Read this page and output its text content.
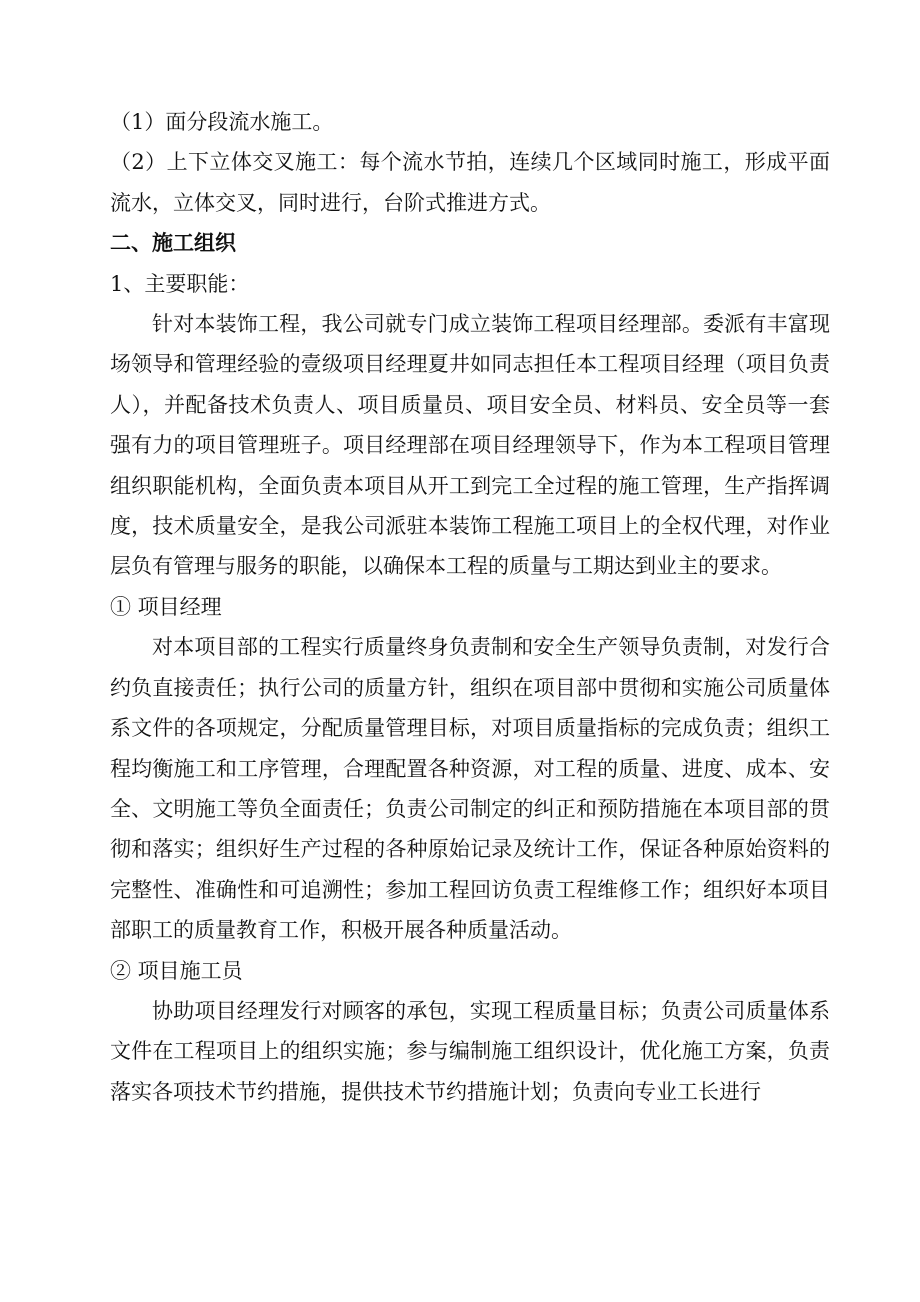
（1）面分段流水施工。

（2）上下立体交叉施工：每个流水节拍，连续几个区域同时施工，形成平面流水，立体交叉，同时进行，台阶式推进方式。

二、施工组织

1、主要职能：

针对本装饰工程，我公司就专门成立装饰工程项目经理部。委派有丰富现场领导和管理经验的壹级项目经理夏井如同志担任本工程项目经理（项目负责人），并配备技术负责人、项目质量员、项目安全员、材料员、安全员等一套强有力的项目管理班子。项目经理部在项目经理领导下，作为本工程项目管理组织职能机构，全面负责本项目从开工到完工全过程的施工管理，生产指挥调度，技术质量安全，是我公司派驻本装饰工程施工项目上的全权代理，对作业层负有管理与服务的职能，以确保本工程的质量与工期达到业主的要求。

① 项目经理

对本项目部的工程实行质量终身负责制和安全生产领导负责制，对发行合约负直接责任；执行公司的质量方针，组织在项目部中贯彻和实施公司质量体系文件的各项规定，分配质量管理目标，对项目质量指标的完成负责；组织工程均衡施工和工序管理，合理配置各种资源，对工程的质量、进度、成本、安全、文明施工等负全面责任；负责公司制定的纠正和预防措施在本项目部的贯彻和落实；组织好生产过程的各种原始记录及统计工作，保证各种原始资料的完整性、准确性和可追溯性；参加工程回访负责工程维修工作；组织好本项目部职工的质量教育工作，积极开展各种质量活动。

② 项目施工员

协助项目经理发行对顾客的承包，实现工程质量目标；负责公司质量体系文件在工程项目上的组织实施；参与编制施工组织设计，优化施工方案，负责落实各项技术节约措施，提供技术节约措施计划；负责向专业工长进行
